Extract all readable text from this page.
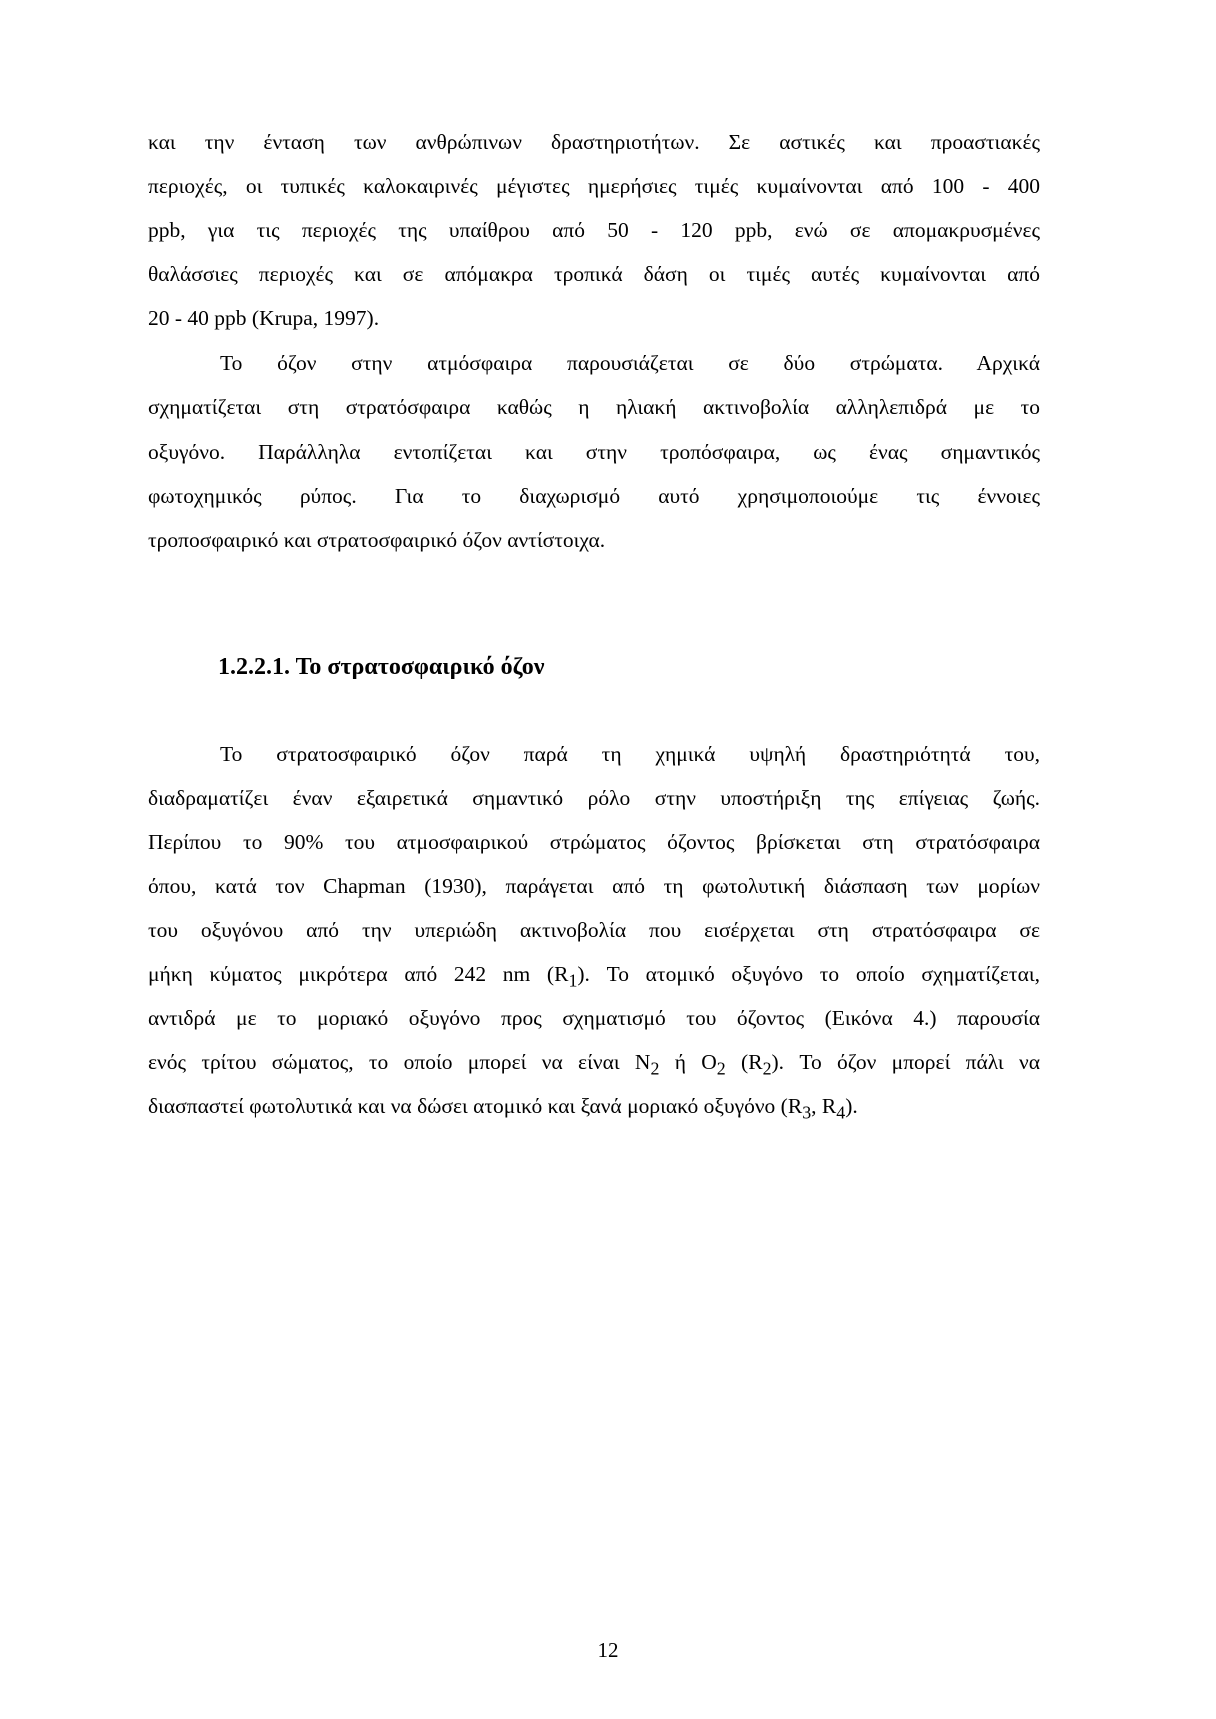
και την ένταση των ανθρώπινων δραστηριοτήτων. Σε αστικές και προαστιακές

περιοχές, οι τυπικές καλοκαιρινές μέγιστες ημερήσιες τιμές κυμαίνονται από 100 - 400

ppb, για τις περιοχές της υπαίθρου από 50 - 120 ppb, ενώ σε απομακρυσμένες

θαλάσσιες περιοχές και σε απόμακρα τροπικά δάση οι τιμές αυτές κυμαίνονται από

20 - 40 ppb (Krupa, 1997).

Το όζον στην ατμόσφαιρα παρουσιάζεται σε δύο στρώματα. Αρχικά

σχηματίζεται στη στρατόσφαιρα καθώς η ηλιακή ακτινοβολία αλληλεπιδρά με το

οξυγόνο. Παράλληλα εντοπίζεται και στην τροπόσφαιρα, ως ένας σημαντικός

φωτοχημικός ρύπος. Για το διαχωρισμό αυτό χρησιμοποιούμε τις έννοιες

τροποσφαιρικό και στρατοσφαιρικό όζον αντίστοιχα.

1.2.2.1. Το στρατοσφαιρικό όζον

Το στρατοσφαιρικό όζον παρά τη χημικά υψηλή δραστηριότητά του,

διαδραματίζει έναν εξαιρετικά σημαντικό ρόλο στην υποστήριξη της επίγειας ζωής.

Περίπου το 90% του ατμοσφαιρικού στρώματος όζοντος βρίσκεται στη στρατόσφαιρα

όπου, κατά τον Chapman (1930), παράγεται από τη φωτολυτική διάσπαση των μορίων

του οξυγόνου από την υπεριώδη ακτινοβολία που εισέρχεται στη στρατόσφαιρα σε

μήκη κύματος μικρότερα από 242 nm $(R_1)$. Το ατομικό οξυγόνο το οποίο σχηματίζεται,

αντιδρά με το μοριακό οξυγόνο προς σχηματισμό του όζοντος (Εικόνα 4.) παρουσία

ενός τρίτου σώματος, το οποίο μπορεί να είναι $N_2$ ή $O_2$ $(R_2)$. Το όζον μπορεί πάλι να

διασπαστεί φωτολυτικά και να δώσει ατομικό και ξανά μοριακό οξυγόνο ($R_3$, $R_4$).

12
